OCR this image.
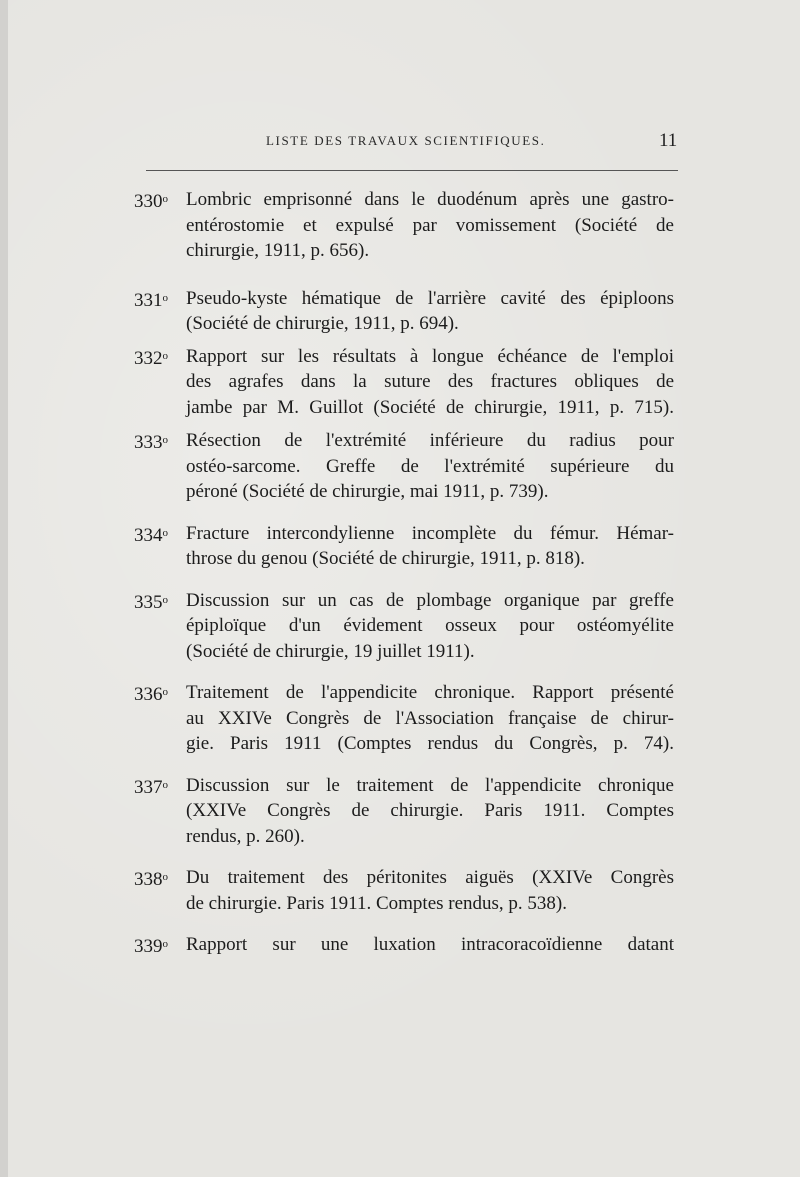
LISTE DES TRAVAUX SCIENTIFIQUES.	11
330$^o$ Lombric emprisonné dans le duodénum après une gastro-
entérostomie et expulsé par vomissement (Société de
chirurgie, 1911, p. 656).
331$^o$ Pseudo-kyste hématique de l'arrière cavité des épiploons
(Société de chirurgie, 1911, p. 694).
332$^o$ Rapport sur les résultats à longue échéance de l'emploi
des agrafes dans la suture des fractures obliques de
jambe par M. Guillot (Société de chirurgie, 1911, p. 715).
333$^o$ Résection de l'extrémité inférieure du radius pour
ostéo-sarcome. Greffe de l'extrémité supérieure du
péroné (Société de chirurgie, mai 1911, p. 739).
334$^o$ Fracture intercondylienne incomplète du fémur. Hémar-
throse du genou (Société de chirurgie, 1911, p. 818).
335$^o$ Discussion sur un cas de plombage organique par greffe
épiploïque d'un évidement osseux pour ostéomyélite
(Société de chirurgie, 19 juillet 1911).
336$^o$ Traitement de l'appendicite chronique. Rapport présenté
au XXIVe Congrès de l'Association française de chirur-
gie. Paris 1911 (Comptes rendus du Congrès, p. 74).
337$^o$ Discussion sur le traitement de l'appendicite chronique
(XXIVe Congrès de chirurgie. Paris 1911. Comptes
rendus, p. 260).
338$^o$ Du traitement des péritonites aiguës (XXIVe Congrès
de chirurgie. Paris 1911. Comptes rendus, p. 538).
339$^o$ Rapport sur une luxation intracoracoïdienne datant
